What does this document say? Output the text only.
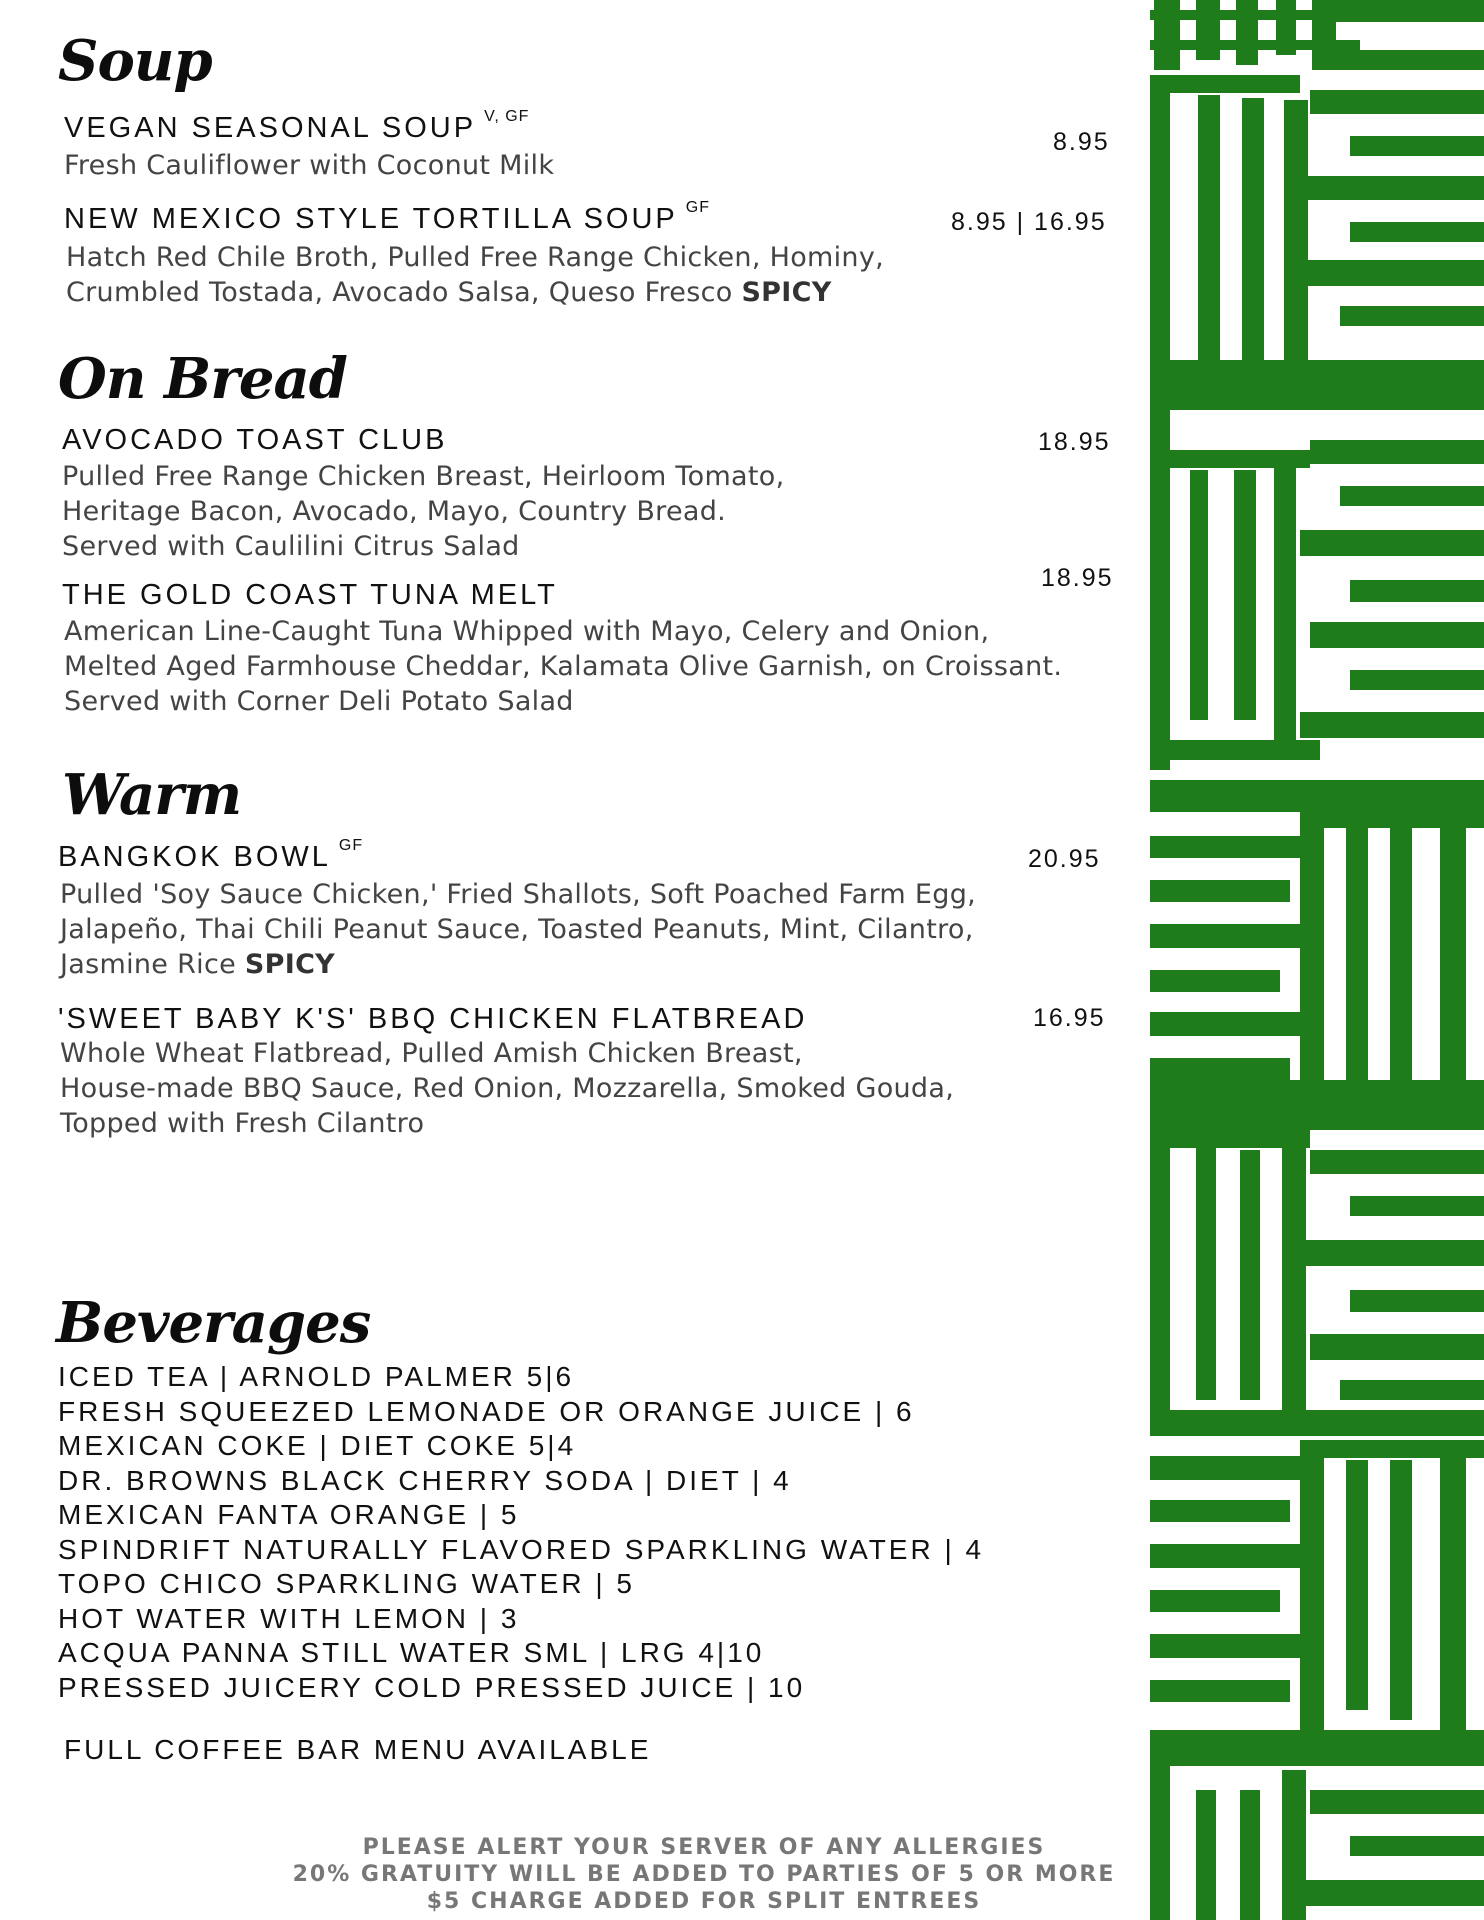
Soup
VEGAN SEASONAL SOUP $^{V, GF}$
8.95
Fresh Cauliflower with Coconut Milk
NEW MEXICO STYLE TORTILLA SOUP $^{GF}$
8.95 | 16.95
Hatch Red Chile Broth, Pulled Free Range Chicken, Hominy,
Crumbled Tostada, Avocado Salsa, Queso Fresco SPICY
On Bread
AVOCADO TOAST CLUB	18.95
Pulled Free Range Chicken Breast, Heirloom Tomato,
Heritage Bacon, Avocado, Mayo, Country Bread.
Served with Caulilini Citrus Salad
18.95
THE GOLD COAST TUNA MELT
American Line-Caught Tuna Whipped with Mayo, Celery and Onion,
Melted Aged Farmhouse Cheddar, Kalamata Olive Garnish, on Croissant.
Served with Corner Deli Potato Salad
Warm
BANGKOK BOWL $^{GF}$	20.95
Pulled 'Soy Sauce Chicken,' Fried Shallots, Soft Poached Farm Egg,
Jalapeño, Thai Chili Peanut Sauce, Toasted Peanuts, Mint, Cilantro,
Jasmine Rice SPICY
'SWEET BABY K'S' BBQ CHICKEN FLATBREAD	16.95
Whole Wheat Flatbread, Pulled Amish Chicken Breast,
House-made BBQ Sauce, Red Onion, Mozzarella, Smoked Gouda,
Topped with Fresh Cilantro
Beverages
ICED TEA | ARNOLD PALMER 5|6
FRESH SQUEEZED LEMONADE OR ORANGE JUICE | 6
MEXICAN COKE | DIET COKE 5|4
DR. BROWNS BLACK CHERRY SODA | DIET | 4
MEXICAN FANTA ORANGE | 5
SPINDRIFT NATURALLY FLAVORED SPARKLING WATER | 4
TOPO CHICO SPARKLING WATER | 5
HOT WATER WITH LEMON | 3
ACQUA PANNA STILL WATER SML | LRG 4|10
PRESSED JUICERY COLD PRESSED JUICE | 10
FULL COFFEE BAR MENU AVAILABLE
PLEASE ALERT YOUR SERVER OF ANY ALLERGIES
20% GRATUITY WILL BE ADDED TO PARTIES OF 5 OR MORE
$5 CHARGE ADDED FOR SPLIT ENTREES
